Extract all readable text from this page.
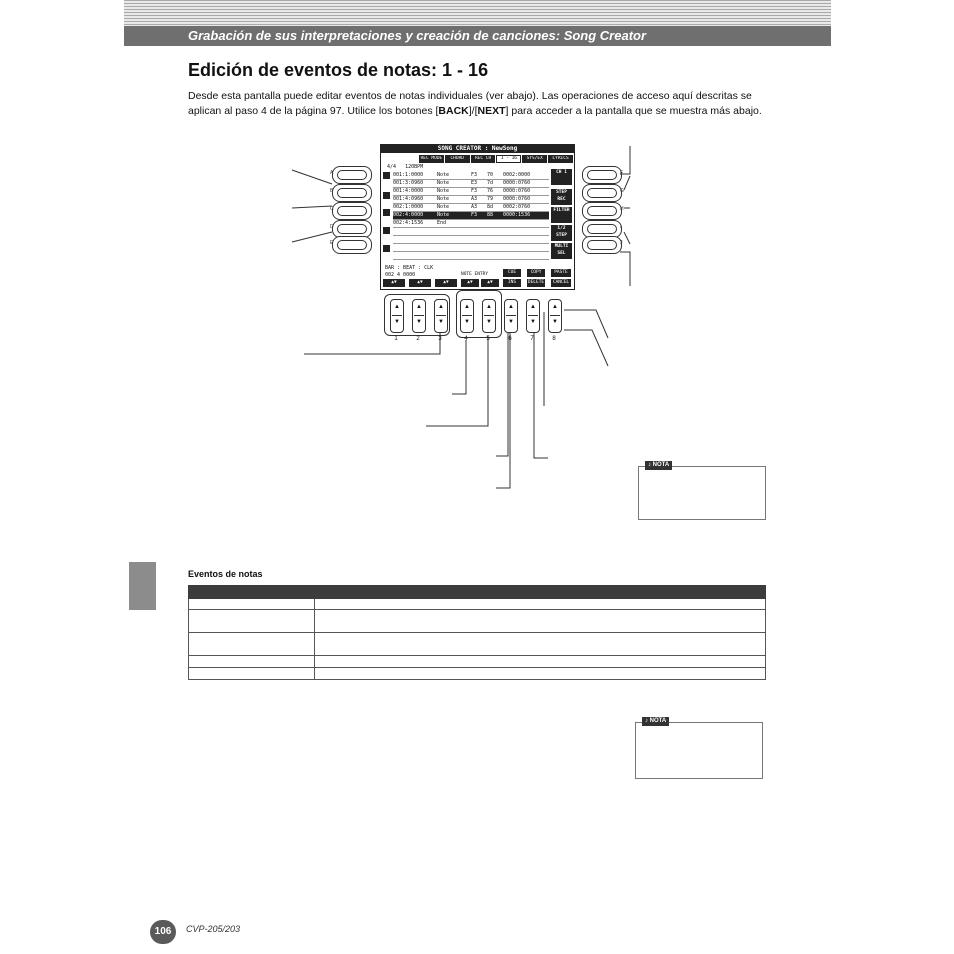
Grabación de sus interpretaciones y creación de canciones: Song Creator
Edición de eventos de notas: 1 - 16
Desde esta pantalla puede editar eventos de notas individuales (ver abajo). Las operaciones de acceso aquí descritas se aplican al paso 4 de la página 97. Utilice los botones [BACK]/[NEXT] para acceder a la pantalla que se muestra más abajo.
SONG CREATOR : NewSong
REC MODE	CHORD	REC CH	1 - 16	SYS/EX	LYRICS
4/4 120BPM
001:1:0000	Note	F3	70	0002:0000
001:3:0960	Note	E3	7d	0000:0760
001:4:0000	Note	F3	76	0000:0760
001:4:0960	Note	A3	79	0000:0760
002:1:0000	Note	A3	8d	0002:0760
002:4:0000	Note	F3	88	0000:1536
002:4:1536	End
CH 1
STEP REC
FILTER
1/2 STEP
MULTI SEL
BAR : BEAT : CLK
002 4 0000	NOTE ENTRY	CUE	COPY	PASTE
INS	DELETE	CANCEL
▲▼	▲▼	▲▼	▲▼	▲▼
A
B
C
D
E
F
G
H
I
J
▲
▼
▲
▼
▲
▼
▲
▼
▲
▼
▲
▼
▲
▼
▲
▼
1	2	3	4	5	6	7	8
♪ NOTA
♪ NOTA
Eventos de notas

106	CVP-205/203
